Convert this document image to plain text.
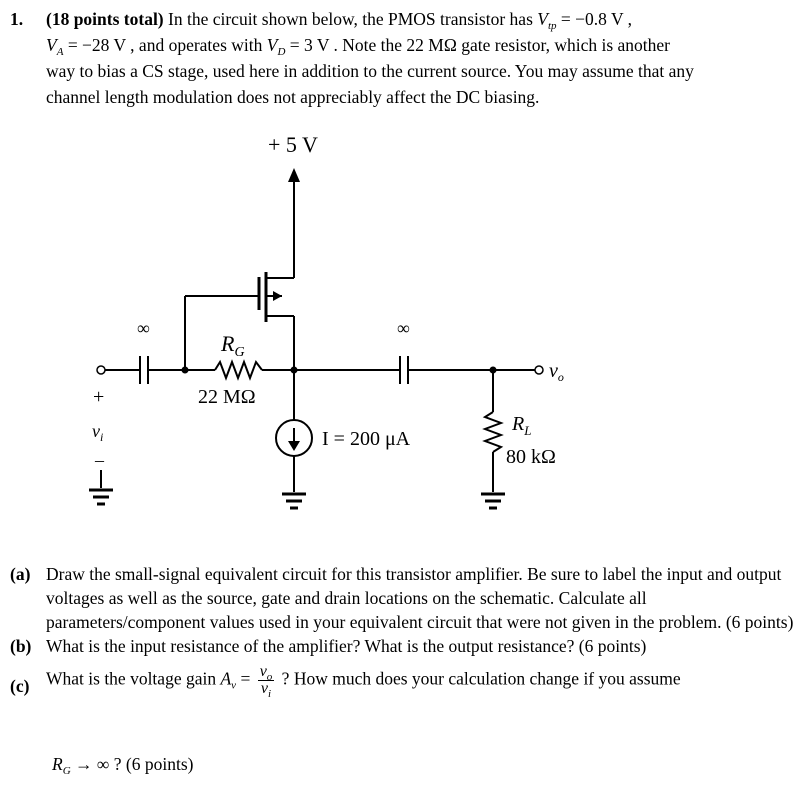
1. (18 points total) In the circuit shown below, the PMOS transistor has $V_{tp} = -0.8$ V ,
$V_A = -28$ V , and operates with $V_D = 3$ V . Note the 22 MΩ gate resistor, which is another
way to bias a CS stage, used here in addition to the current source. You may assume that any
channel length modulation does not appreciably affect the DC biasing.
+ 5 V
∞	∞
$R_G$
22 MΩ
I = 200 μA
$R_L$
80 kΩ
$v_o$
+
$v_i$
–
(a) Draw the small-signal equivalent circuit for this transistor amplifier. Be sure to label the input and output voltages as well as the source, gate and drain locations on the schematic. Calculate all parameters/component values used in your equivalent circuit that were not given in the problem. (6 points)
(b) What is the input resistance of the amplifier? What is the output resistance? (6 points)
(c) What is the voltage gain $A_v = \frac{v_o}{v_i}$ ? How much does your calculation change if you assume
$R_G$ → ∞ ? (6 points)
